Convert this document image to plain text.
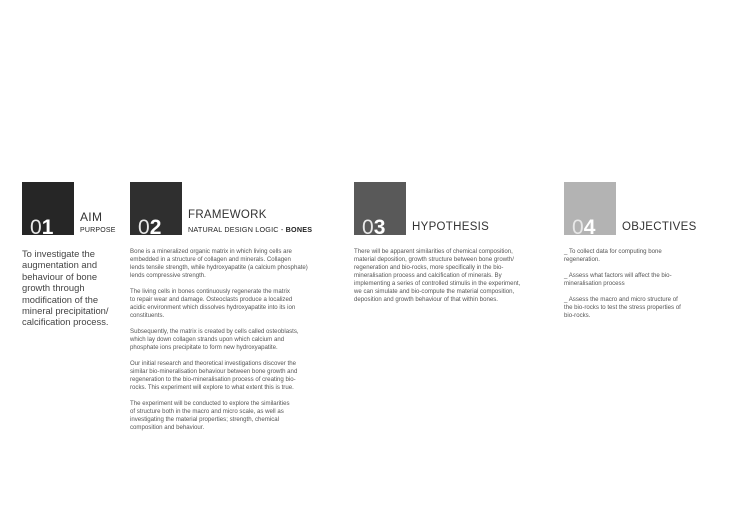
01 AIM
PURPOSE
To investigate the
augmentation and
behaviour of bone
growth through
modification of the
mineral precipitation/
calcification process.
02
FRAMEWORK
NATURAL DESIGN LOGIC - BONES

Bone is a mineralized organic matrix in which living cells are
embedded in a structure of collagen and minerals. Collagen
lends tensile strength, while hydroxyapatite (a calcium phosphate)
lends compressive strength.

The living cells in bones continuously regenerate the matrix
to repair wear and damage. Osteoclasts produce a localized
acidic environment which dissolves hydroxyapatite into its ion
constituents.

Subsequently, the matrix is created by cells called osteoblasts,
which lay down collagen strands upon which calcium and
phosphate ions precipitate to form new hydroxyapatite.

Our initial research and theoretical investigations discover the
similar bio-mineralisation behaviour between bone growth and
regeneration to the bio-mineralisation process of creating bio-
rocks. This experiment will explore to what extent this is true.

The experiment will be conducted to explore the similarities
of structure both in the macro and micro scale, as well as
investigating the material properties; strength, chemical
composition and behaviour.

03 HYPOTHESIS

There will be apparent similarities of chemical composition,
material deposition, growth structure between bone growth/
regeneration and bio-rocks, more specifically in the bio-
mineralisation process and calcification of minerals. By
implementing a series of controlled stimulis in the experiment,
we can simulate and bio-compute the material composition,
deposition and growth behaviour of that within bones.

04 OBJECTIVES

_ To collect data for computing bone
regeneration.

_ Assess what factors will affect the bio-
mineralisation process

_ Assess the macro and micro structure of
the bio-rocks to test the stress properties of
bio-rocks.
